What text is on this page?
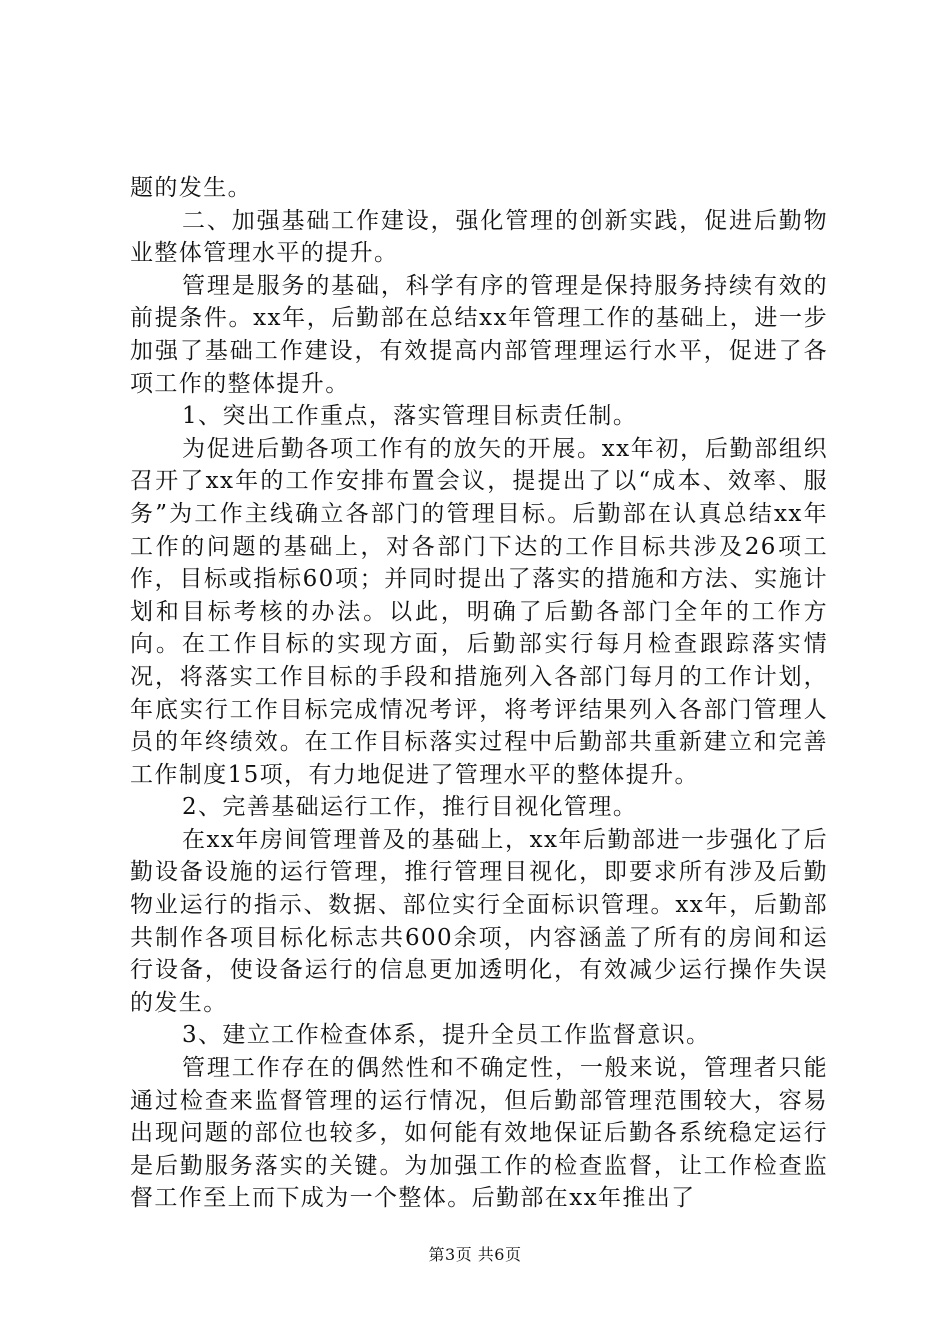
题的发生。

二、加强基础工作建设，强化管理的创新实践，促进后勤物业整体管理水平的提升。

管理是服务的基础，科学有序的管理是保持服务持续有效的前提条件。xx年，后勤部在总结xx年管理工作的基础上，进一步加强了基础工作建设，有效提高内部管理理运行水平，促进了各项工作的整体提升。

1、突出工作重点，落实管理目标责任制。

为促进后勤各项工作有的放矢的开展。xx年初，后勤部组织召开了xx年的工作安排布置会议，提提出了以“成本、效率、服务”为工作主线确立各部门的管理目标。后勤部在认真总结xx年工作的问题的基础上，对各部门下达的工作目标共涉及26项工作，目标或指标60项；并同时提出了落实的措施和方法、实施计划和目标考核的办法。以此，明确了后勤各部门全年的工作方向。在工作目标的实现方面，后勤部实行每月检查跟踪落实情况，将落实工作目标的手段和措施列入各部门每月的工作计划，年底实行工作目标完成情况考评，将考评结果列入各部门管理人员的年终绩效。在工作目标落实过程中后勤部共重新建立和完善工作制度15项，有力地促进了管理水平的整体提升。

2、完善基础运行工作，推行目视化管理。

在xx年房间管理普及的基础上，xx年后勤部进一步强化了后勤设备设施的运行管理，推行管理目视化，即要求所有涉及后勤物业运行的指示、数据、部位实行全面标识管理。xx年，后勤部共制作各项目标化标志共600余项，内容涵盖了所有的房间和运行设备，使设备运行的信息更加透明化，有效减少运行操作失误的发生。

3、建立工作检查体系，提升全员工作监督意识。

管理工作存在的偶然性和不确定性，一般来说，管理者只能通过检查来监督管理的运行情况，但后勤部管理范围较大，容易出现问题的部位也较多，如何能有效地保证后勤各系统稳定运行是后勤服务落实的关键。为加强工作的检查监督，让工作检查监督工作至上而下成为一个整体。后勤部在xx年推出了

第3页 共6页
